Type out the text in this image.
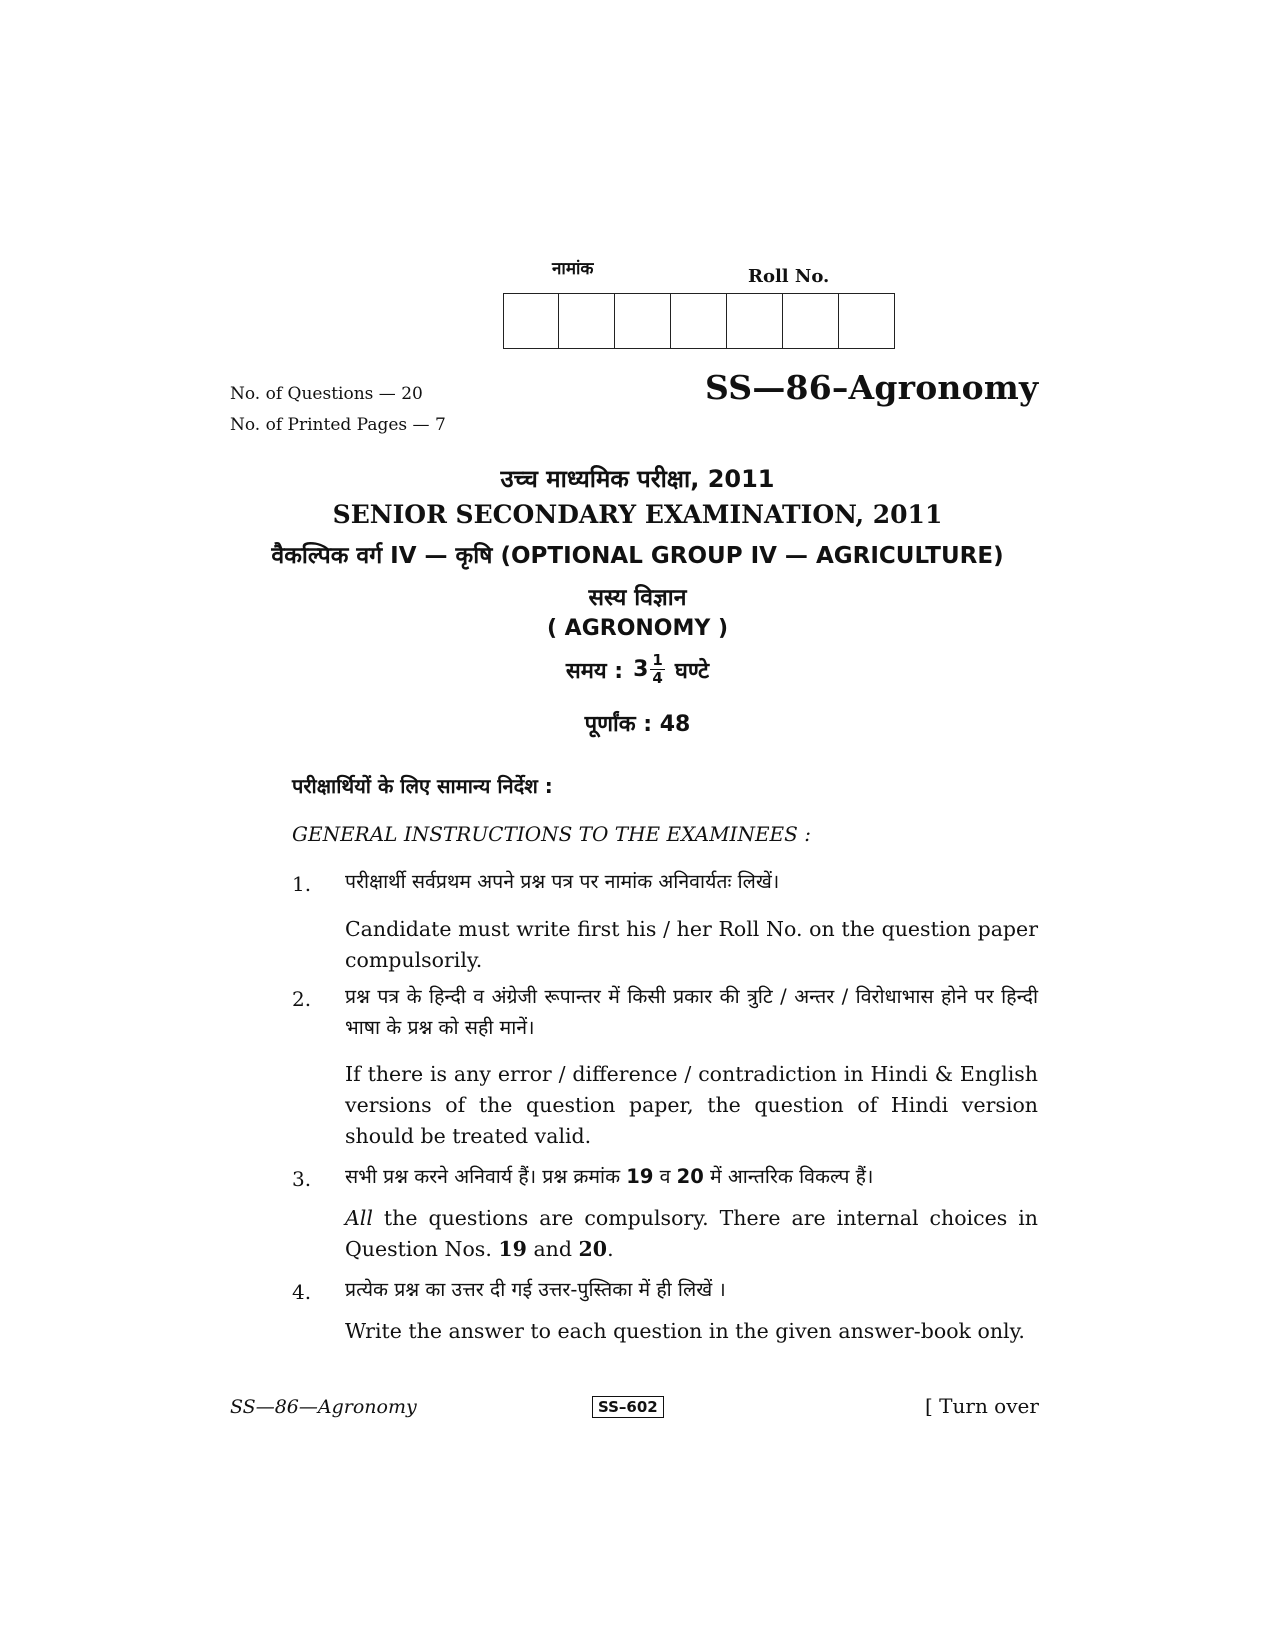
नामांक	Roll No.
No. of Questions — 20
No. of Printed Pages — 7
SS—86–Agronomy
उच्च माध्यमिक परीक्षा, 2011
SENIOR SECONDARY EXAMINATION, 2011
वैकल्पिक वर्ग IV — कृषि (OPTIONAL GROUP IV — AGRICULTURE)
सस्य विज्ञान
( AGRONOMY )
समय : $3 \frac{1}{4}$ घण्टे
पूर्णांक : 48
परीक्षार्थियों के लिए सामान्य निर्देश :
GENERAL INSTRUCTIONS TO THE EXAMINEES :
1. परीक्षार्थी सर्वप्रथम अपने प्रश्न पत्र पर नामांक अनिवार्यतः लिखें।
Candidate must write first his / her Roll No. on the question paper compulsorily.
2. प्रश्न पत्र के हिन्दी व अंग्रेजी रूपान्तर में किसी प्रकार की त्रुटि / अन्तर / विरोधाभास होने पर हिन्दी भाषा के प्रश्न को सही मानें।
If there is any error / difference / contradiction in Hindi & English versions of the question paper, the question of Hindi version should be treated valid.
3. सभी प्रश्न करने अनिवार्य हैं। प्रश्न क्रमांक 19 व 20 में आन्तरिक विकल्प हैं।
All the questions are compulsory. There are internal choices in Question Nos. 19 and 20.
4. प्रत्येक प्रश्न का उत्तर दी गई उत्तर-पुस्तिका में ही लिखें ।
Write the answer to each question in the given answer-book only.
SS—86—Agronomy	SS–602	[ Turn over
